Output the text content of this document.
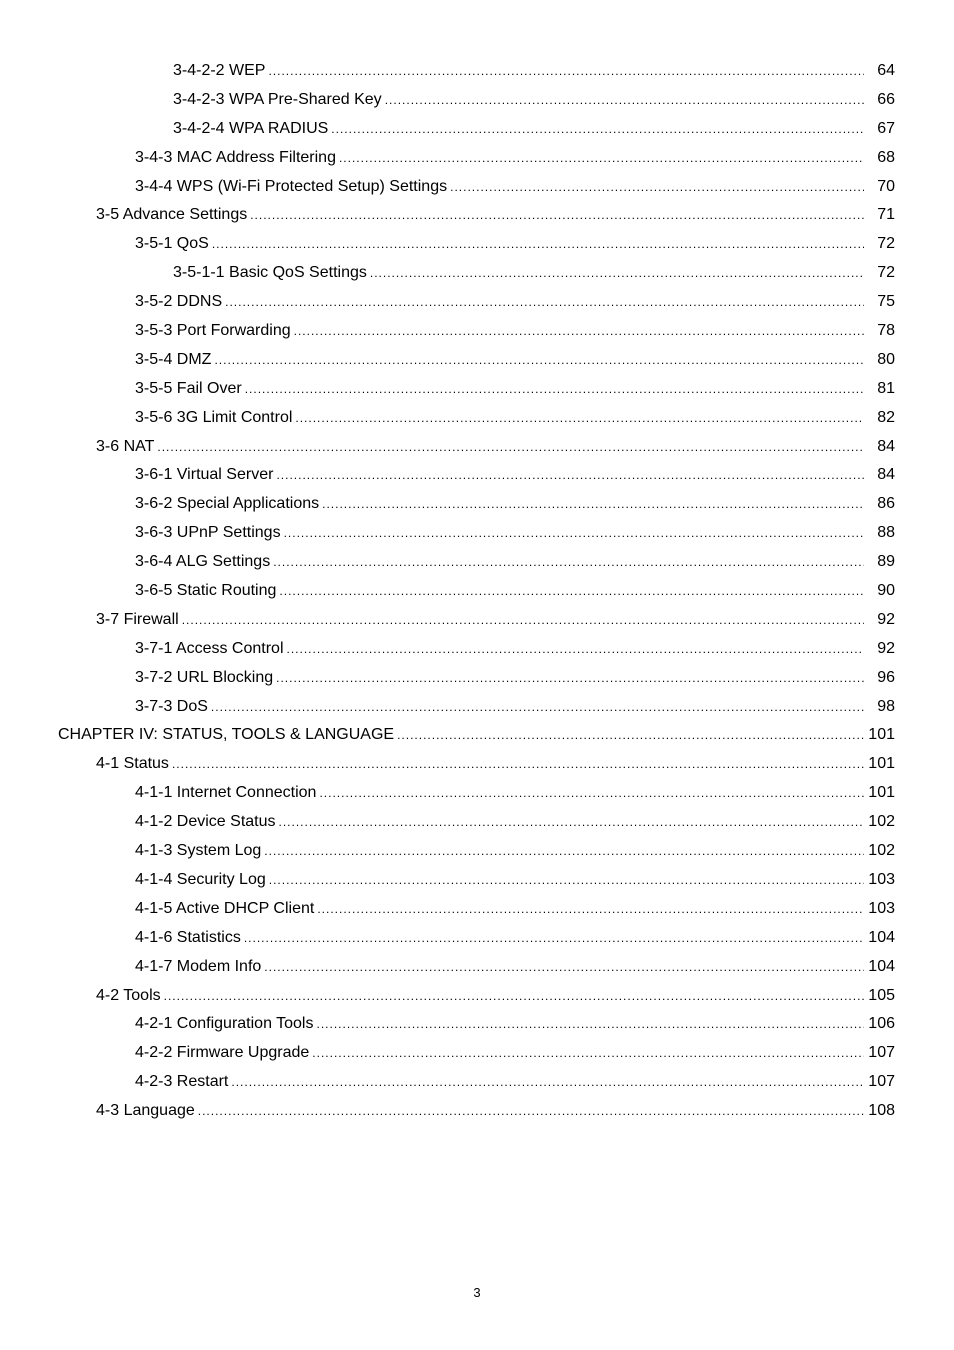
3-4-2-2 WEP .....	64
3-4-2-3 WPA Pre-Shared Key .....	66
3-4-2-4 WPA RADIUS .....	67
3-4-3 MAC Address Filtering .....	68
3-4-4 WPS (Wi-Fi Protected Setup) Settings .....	70
3-5 Advance Settings .....	71
3-5-1 QoS .....	72
3-5-1-1 Basic QoS Settings .....	72
3-5-2 DDNS .....	75
3-5-3 Port Forwarding .....	78
3-5-4 DMZ .....	80
3-5-5 Fail Over .....	81
3-5-6 3G Limit Control .....	82
3-6 NAT .....	84
3-6-1 Virtual Server .....	84
3-6-2 Special Applications .....	86
3-6-3 UPnP Settings .....	88
3-6-4 ALG Settings .....	89
3-6-5 Static Routing .....	90
3-7 Firewall .....	92
3-7-1 Access Control .....	92
3-7-2 URL Blocking .....	96
3-7-3 DoS .....	98
CHAPTER IV: STATUS, TOOLS & LANGUAGE .....	101
4-1 Status .....	101
4-1-1 Internet Connection .....	101
4-1-2 Device Status .....	102
4-1-3 System Log .....	102
4-1-4 Security Log .....	103
4-1-5 Active DHCP Client .....	103
4-1-6 Statistics .....	104
4-1-7 Modem Info .....	104
4-2 Tools .....	105
4-2-1 Configuration Tools .....	106
4-2-2 Firmware Upgrade .....	107
4-2-3 Restart .....	107
4-3 Language .....	108
3
